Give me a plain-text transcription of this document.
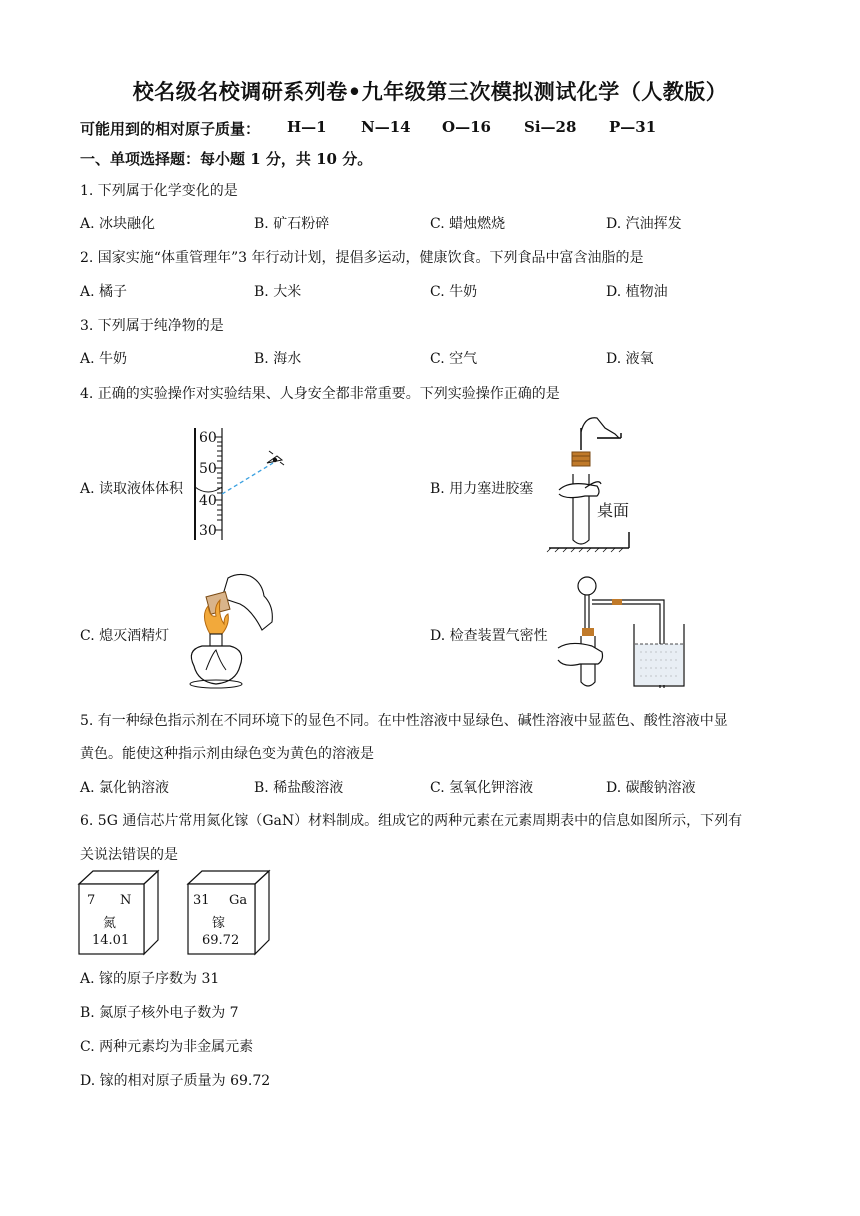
校名级名校调研系列卷•九年级第三次模拟测试化学（人教版）
可能用到的相对原子质量： H—1 N—14 O—16 Si—28 P—31
一、单项选择题：每小题 1 分，共 10 分。
1. 下列属于化学变化的是
A. 冰块融化	B. 矿石粉碎	C. 蜡烛燃烧	D. 汽油挥发
2. 国家实施“体重管理年”3 年行动计划，提倡多运动，健康饮食。下列食品中富含油脂的是
A. 橘子	B. 大米	C. 牛奶	D. 植物油
3. 下列属于纯净物的是
A. 牛奶	B. 海水	C. 空气	D. 液氧
4. 正确的实验操作对实验结果、人身安全都非常重要。下列实验操作正确的是
A. 读取液体体积
60
50
40
30
B. 用力塞进胶塞
桌面
C. 熄灭酒精灯	D. 检查装置气密性
5. 有一种绿色指示剂在不同环境下的显色不同。在中性溶液中显绿色、碱性溶液中显蓝色、酸性溶液中显
黄色。能使这种指示剂由绿色变为黄色的溶液是
A. 氯化钠溶液	B. 稀盐酸溶液	C. 氢氧化钾溶液	D. 碳酸钠溶液
6. 5G 通信芯片常用氮化镓（GaN）材料制成。组成它的两种元素在元素周期表中的信息如图所示，下列有
关说法错误的是
7 N
氮
14.01
31 Ga
镓
69.72
A. 镓的原子序数为 31
B. 氮原子核外电子数为 7
C. 两种元素均为非金属元素
D. 镓的相对原子质量为 69.72
